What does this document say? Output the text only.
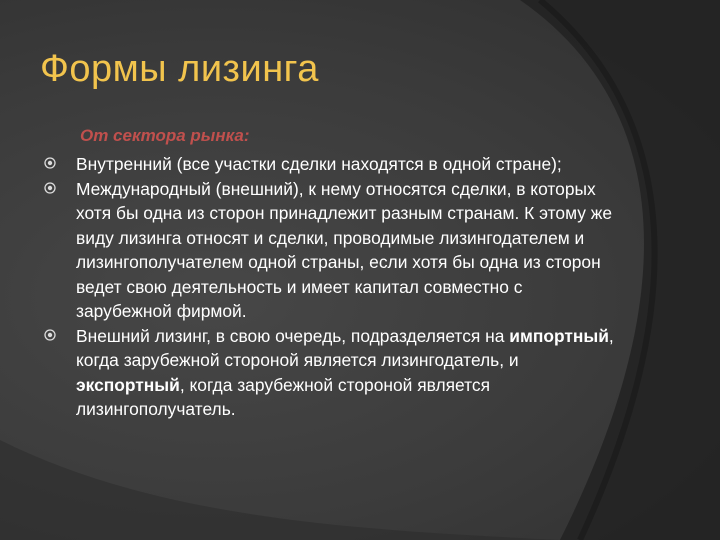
Формы лизинга
От сектора рынка:
Внутренний (все участки сделки находятся в одной стране);
Международный (внешний), к нему относятся сделки, в которых хотя бы одна из сторон принадлежит разным странам. К этому же виду лизинга относят и сделки, проводимые лизингодателем и лизингополучателем одной страны, если хотя бы одна из сторон ведет свою деятельность и имеет капитал совместно с зарубежной фирмой.
Внешний лизинг, в свою очередь, подразделяется на импортный, когда зарубежной стороной является лизингодатель, и экспортный, когда зарубежной стороной является лизингополучатель.
